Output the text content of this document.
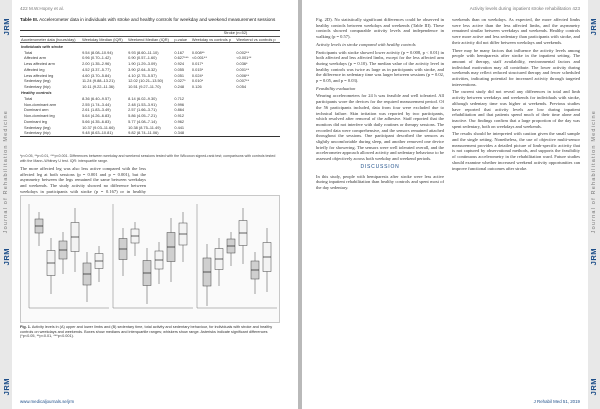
JRM
Journal of Rehabilitation Medicine
JRM
JRM
422 M.W.Hopny et al.
Table III. Accelerometer data in individuals with stroke and healthy controls for weekday and weekend measurement sessions
				Stroke (n=52)	
Accelerometer data (hours/day)	Weekday Median (IQR)	Weekend Median (IQR)	p-value	Weekday vs controls p	Weekend vs controls p
Individuals with stroke					
Total	9.54 (8.08–10.94)	9.93 (8.60–11.10)	0.167	0.008**	0.002**
Affected arm	0.96 (0.70–1.42)	0.90 (0.57–1.60)	0.627***	<0.001**	<0.001**
Less affected arm	2.00 (1.35–2.96)	1.90 (1.29–3.09)	0.924	0.017*	0.036*
Affected leg	4.52 (3.37–5.77)	3.90 (2.64–5.32)	0.055	0.015*	0.001**
Less affected leg	4.60 (3.70–5.84)	4.10 (2.75–5.57)	0.051	0.024*	0.006**
Sedentary (leg)	11.24 (9.88–13.21)	12.02 (10.21–13.50)	0.027*	0.010*	0.007**
Sedentary (hip)	10.11 (9.22–11.36)	10.51 (9.27–11.70)	0.248	0.126	0.054
Healthy controls					
Total	8.36 (6.40–9.57)	8.14 (6.02–9.30)	0.712		
Non-dominant arm	2.55 (1.74–3.44)	2.48 (1.53–3.91)	0.996		
Dominant arm	2.61 (1.83–3.49)	2.57 (1.66–3.71)	0.864		
Non-dominant leg	5.64 (4.26–6.83)	5.86 (4.05–7.21)	0.912		
Dominant leg	5.66 (4.35–6.83)	5.77 (4.08–7.14)	0.962		
Sedentary (leg)	10.37 (9.03–11.66)	10.38 (8.75–11.49)	0.441		
Sedentary (hip)	9.48 (8.63–10.81)	9.82 (8.74–11.06)	0.348		
*p<0.05, **p<0.01, ***p<0.001. Differences between weekday and weekend sessions tested with the Wilcoxon signed-rank test; comparisons with controls tested with the Mann–Whitney U test. IQR: interquartile range.

The more affected leg was also less active compared with the less affected leg at both sessions (p = 0.001 and p = 0.001), but the asymmetry between the legs remained the same between weekdays and weekends. The study activity showed no difference between weekdays in participants with stroke (p = 0.167) or in healthy

Fig. 1. Activity levels in (A) upper and lower limbs and (B) sedentary time, total activity and sedentary behaviour, for individuals with stroke and healthy controls on weekdays and weekends. Boxes show medians and interquartile ranges; whiskers show range. Asterisks indicate significant differences (*p<0.05, **p<0.01, ***p<0.001).
www.medicaljournals.se/jrm
JRM
Journal of Rehabilitation Medicine
JRM
JRM
Activity levels during inpatient stroke rehabilitation 423

Fig. 2D). No statistically significant differences could be observed in healthy controls between weekdays and weekends (Table III). These controls showed comparable activity levels and independence in walking (p = 0.57).

Activity levels in stroke compared with healthy controls

Participants with stroke showed lower activity (p = 0.008, p < 0.01) in both affected and less affected limbs, except for the less affected arm during weekdays (p = 0.10). The median value of the activity level in healthy controls was twice as large as in participants with stroke, and the difference in sedentary time was larger between sessions (p = 0.02, p = 0.05, and p = 0.03).

Feasibility evaluation

Wearing accelerometers for 24 h was feasible and well tolerated. All participants wore the devices for the required measurement period. Of the 56 participants included, data from four were excluded due to technical failure. Skin irritation was reported by two participants, which resolved after removal of the adhesive. Staff reported that the monitors did not interfere with daily routines or therapy sessions. The recorded data were comprehensive, and the sensors remained attached throughout the sessions. One participant described the sensors as slightly uncomfortable during sleep, and another removed one device briefly for showering. The sensors were well tolerated overall, and the accelerometer approach allowed activity and sedentary behaviour to be assessed objectively across both weekday and weekend periods.

DISCUSSION

In this study, people with hemiparesis after stroke were less active during inpatient rehabilitation than healthy controls and spent most of the day sedentary.

weekends than on weekdays. As expected, the more affected limbs were less active than the less affected limbs, and the asymmetry remained similar between weekdays and weekends. Healthy controls were more active and less sedentary than participants with stroke, and their activity did not differ between weekdays and weekends.

There may be many factors that influence the activity levels among people with hemiparesis after stroke in the inpatient setting. The amount of therapy, staff availability, environmental factors and individual motivation may all contribute. The lower activity during weekends may reflect reduced structured therapy and fewer scheduled activities, indicating potential for increased activity through targeted interventions.

The current study did not reveal any differences in total and limb activity between weekdays and weekends for individuals with stroke, although sedentary time was higher at weekends. Previous studies have reported that activity levels are low during inpatient rehabilitation and that patients spend much of their time alone and inactive. Our findings confirm that a large proportion of the day was spent sedentary, both on weekdays and weekends.

The results should be interpreted with caution given the small sample and the single setting. Nonetheless, the use of objective multi-sensor measurement provides a detailed picture of limb-specific activity that is not captured by observational methods, and supports the feasibility of continuous accelerometry in the rehabilitation ward. Future studies should examine whether increased weekend activity opportunities can improve functional outcomes after stroke.

J Rehabil Med 51, 2019
